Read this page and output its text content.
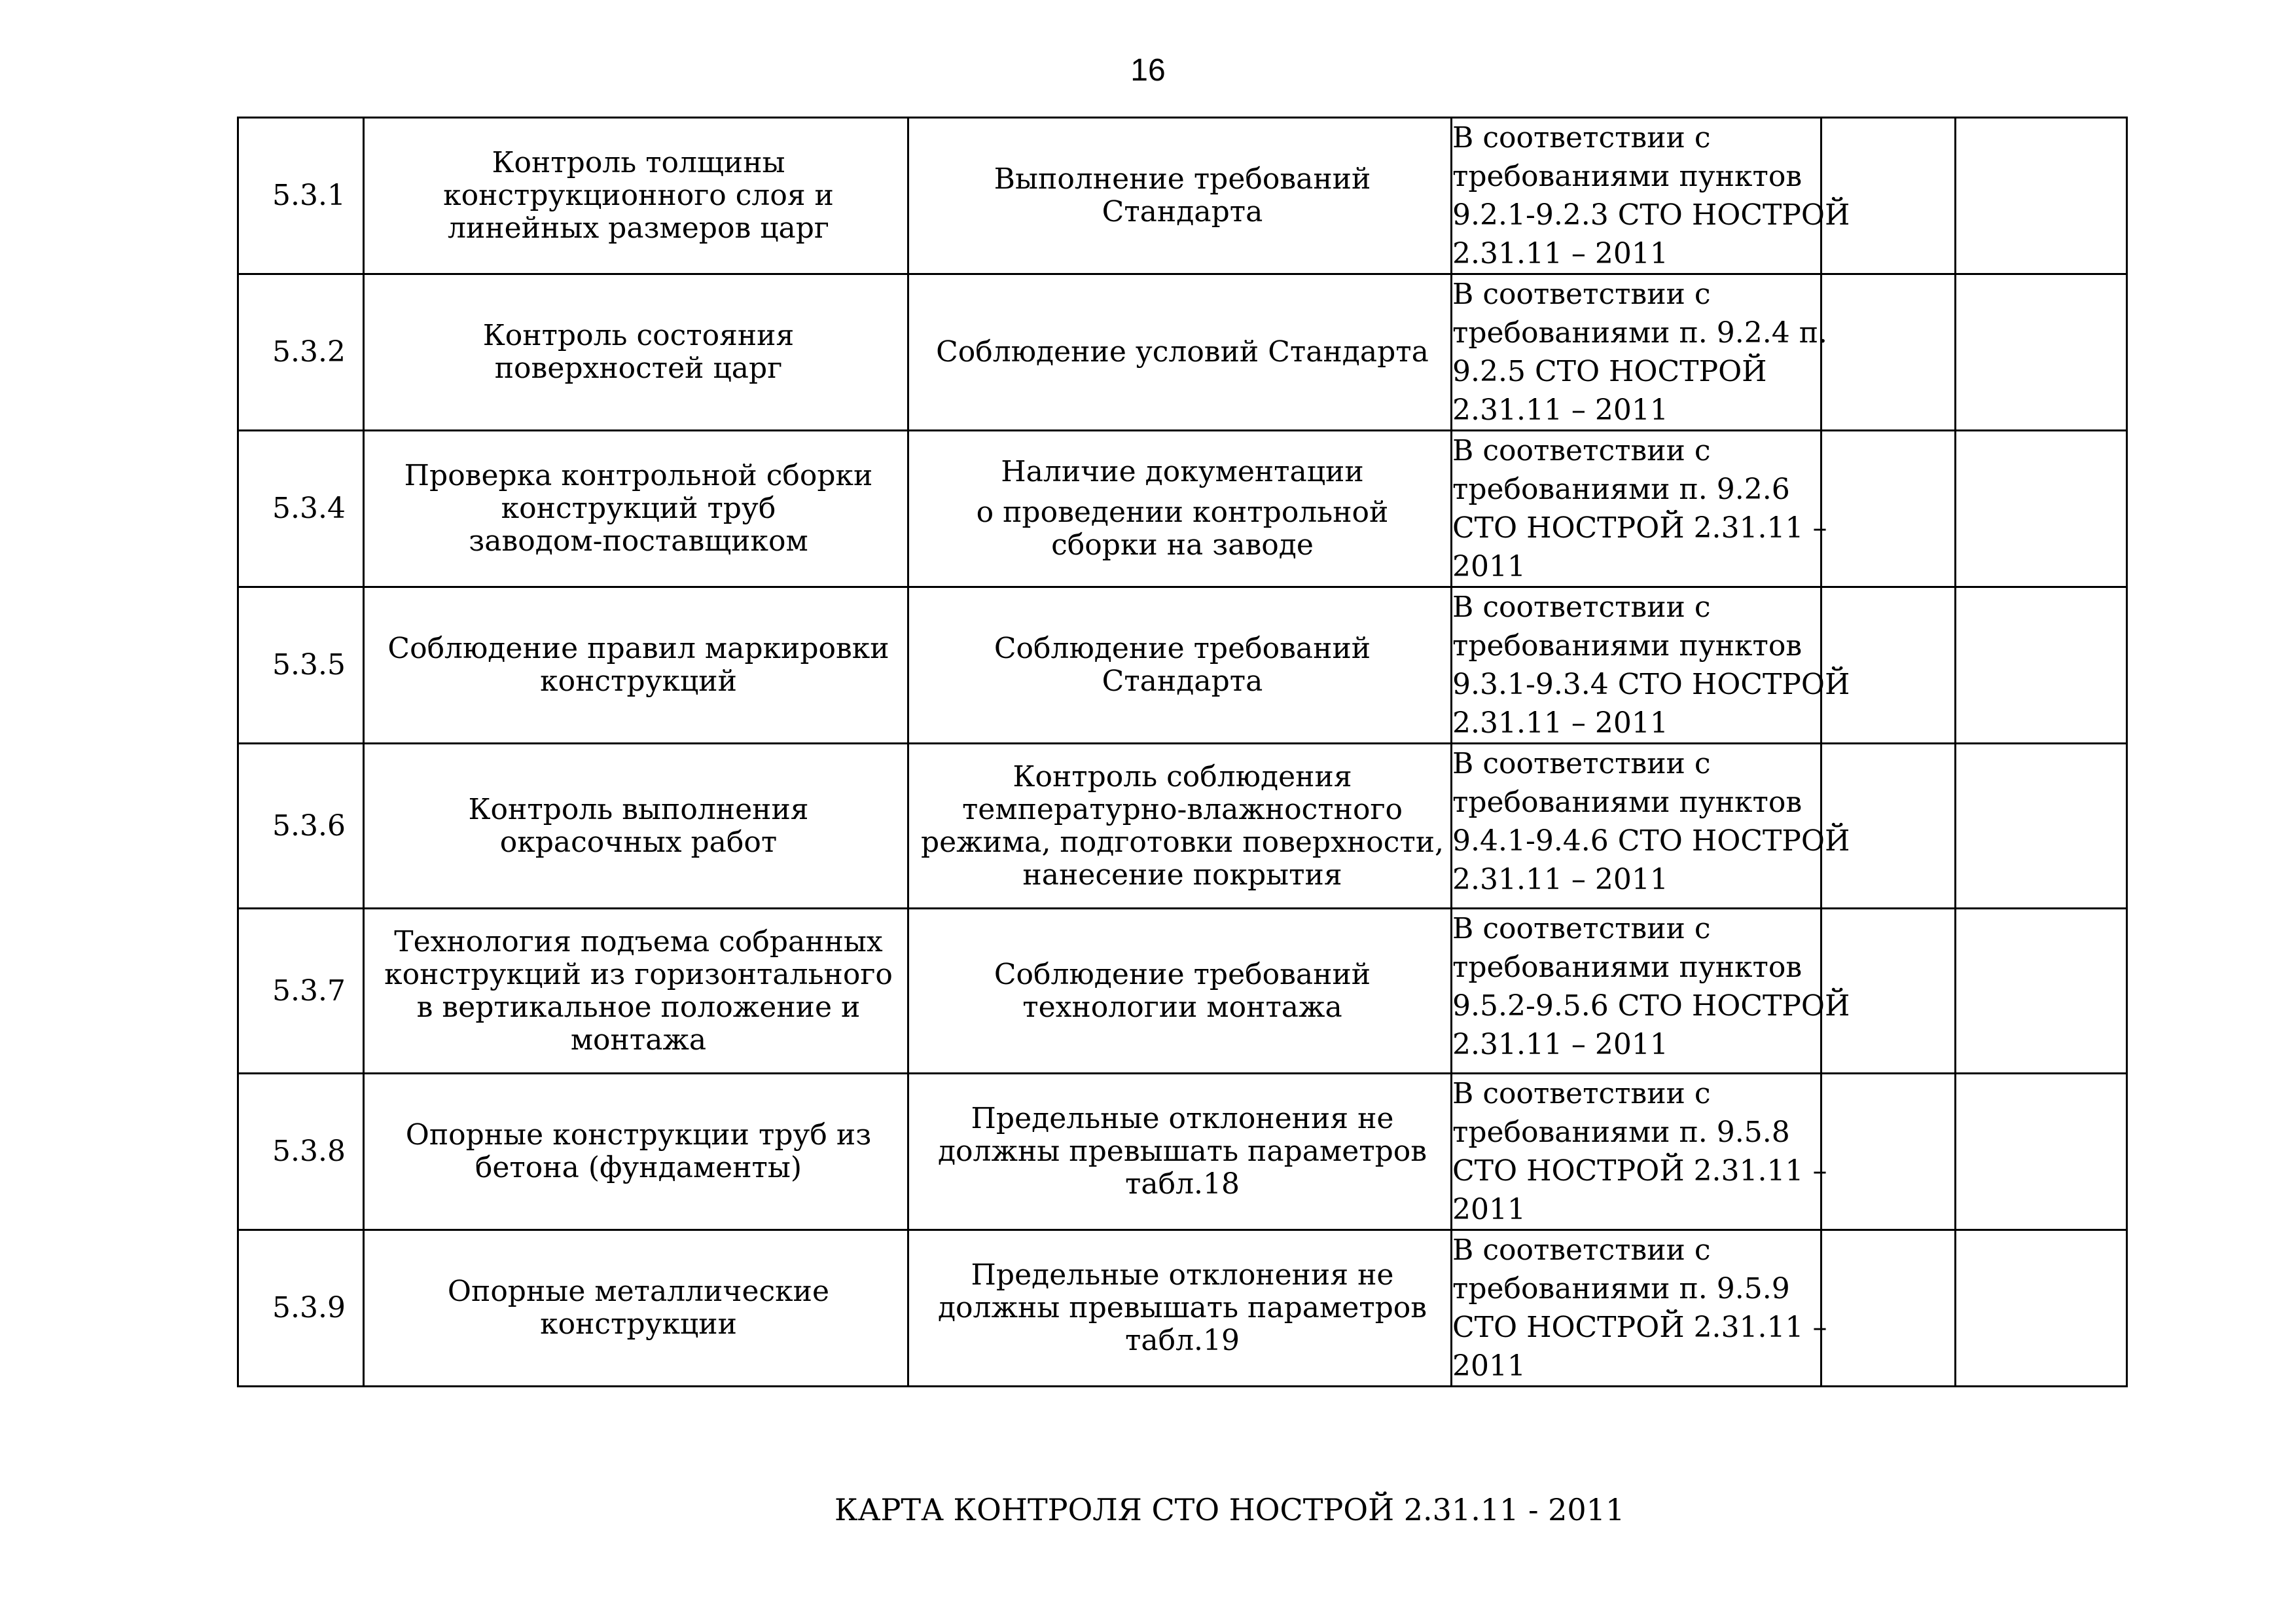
16
5.3.1	Контроль толщины
конструкционного слоя и
линейных размеров царг	Выполнение требований
Стандарта	В соответствии с
требованиями пунктов
9.2.1-9.2.3 СТО НОСТРОЙ
2.31.11 – 2011		

5.3.2	Контроль состояния
поверхностей царг	Соблюдение условий Стандарта	В соответствии с
требованиями п. 9.2.4 п.
9.2.5 СТО НОСТРОЙ
2.31.11 – 2011		

5.3.4	Проверка контрольной сборки
конструкций труб
заводом-поставщиком	Наличие документации
о проведении контрольной
сборки на заводе	В соответствии с
требованиями п. 9.2.6
СТО НОСТРОЙ 2.31.11 –
2011		

5.3.5	Соблюдение правил маркировки
конструкций	Соблюдение требований
Стандарта	В соответствии с
требованиями пунктов
9.3.1-9.3.4 СТО НОСТРОЙ
2.31.11 – 2011		

5.3.6	Контроль выполнения
окрасочных работ	Контроль соблюдения
температурно-влажностного
режима, подготовки поверхности,
нанесение покрытия	В соответствии с
требованиями пунктов
9.4.1-9.4.6 СТО НОСТРОЙ
2.31.11 – 2011		

5.3.7	Технология подъема собранных
конструкций из горизонтального
в вертикальное положение и
монтажа	Соблюдение требований
технологии монтажа	В соответствии с
требованиями пунктов
9.5.2-9.5.6 СТО НОСТРОЙ
2.31.11 – 2011		

5.3.8	Опорные конструкции труб из
бетона (фундаменты)	Предельные отклонения не
должны превышать параметров
табл.18	В соответствии с
требованиями п. 9.5.8
СТО НОСТРОЙ 2.31.11 –
2011		

5.3.9	Опорные металлические
конструкции	Предельные отклонения не
должны превышать параметров
табл.19	В соответствии с
требованиями п. 9.5.9
СТО НОСТРОЙ 2.31.11 –
2011		

КАРТА КОНТРОЛЯ СТО НОСТРОЙ 2.31.11 - 2011
